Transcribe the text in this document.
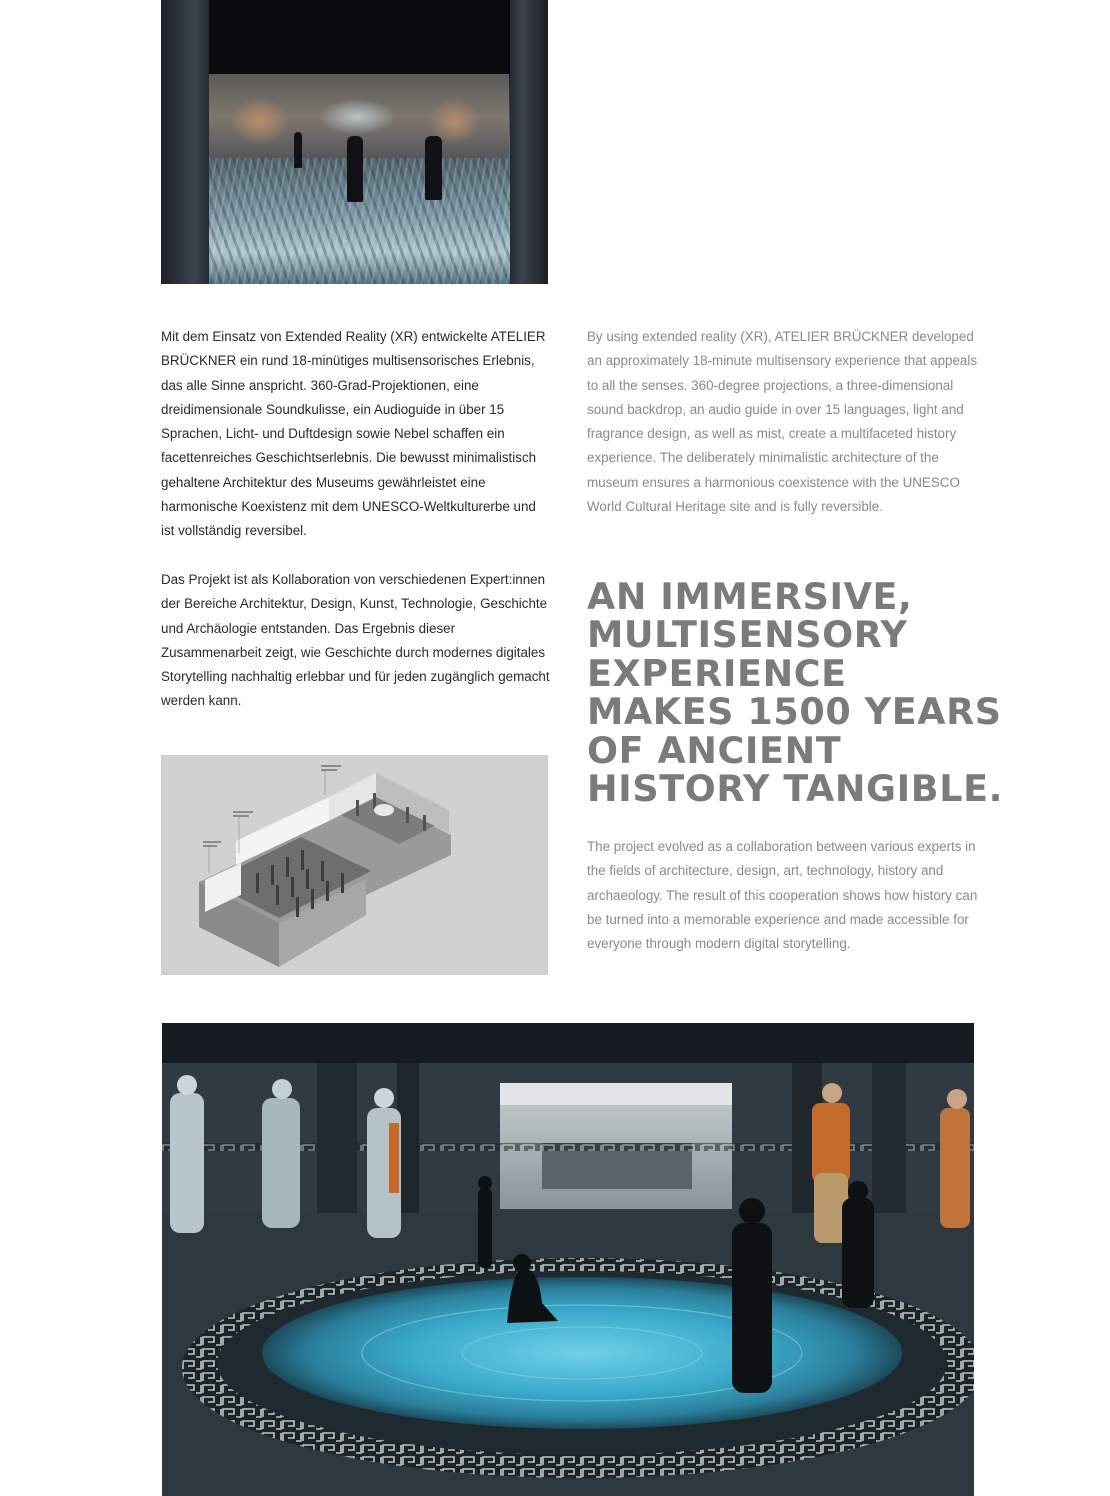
Mit dem Einsatz von Extended Reality (XR) entwickelte ATELIER BRÜCKNER ein rund 18-minütiges multisensorisches Erlebnis, das alle Sinne anspricht. 360-Grad-Projektionen, eine dreidimensionale Soundkulisse, ein Audioguide in über 15 Sprachen, Licht- und Duftdesign sowie Nebel schaffen ein facettenreiches Geschichtserlebnis. Die bewusst minimalistisch gehaltene Architektur des Museums gewährleistet eine harmonische Koexistenz mit dem UNESCO-Weltkulturerbe und ist vollständig reversibel.

Das Projekt ist als Kollaboration von verschiedenen Expert:innen der Bereiche Architektur, Design, Kunst, Technologie, Geschichte und Archäologie entstanden. Das Ergebnis dieser Zusammenarbeit zeigt, wie Geschichte durch modernes digitales Storytelling nachhaltig erlebbar und für jeden zugänglich gemacht werden kann.

By using extended reality (XR), ATELIER BRÜCKNER developed an approximately 18-minute multisensory experience that appeals to all the senses. 360-degree projections, a three-dimensional sound backdrop, an audio guide in over 15 languages, light and fragrance design, as well as mist, create a multifaceted history experience. The deliberately minimalistic architecture of the museum ensures a harmonious coexistence with the UNESCO World Cultural Heritage site and is fully reversible.

AN IMMERSIVE, MULTISENSORY EXPERIENCE MAKES 1500 YEARS OF ANCIENT HISTORY TANGIBLE.

The project evolved as a collaboration between various experts in the fields of architecture, design, art, technology, history and archaeology. The result of this cooperation shows how history can be turned into a memorable experience and made accessible for everyone through modern digital storytelling.
